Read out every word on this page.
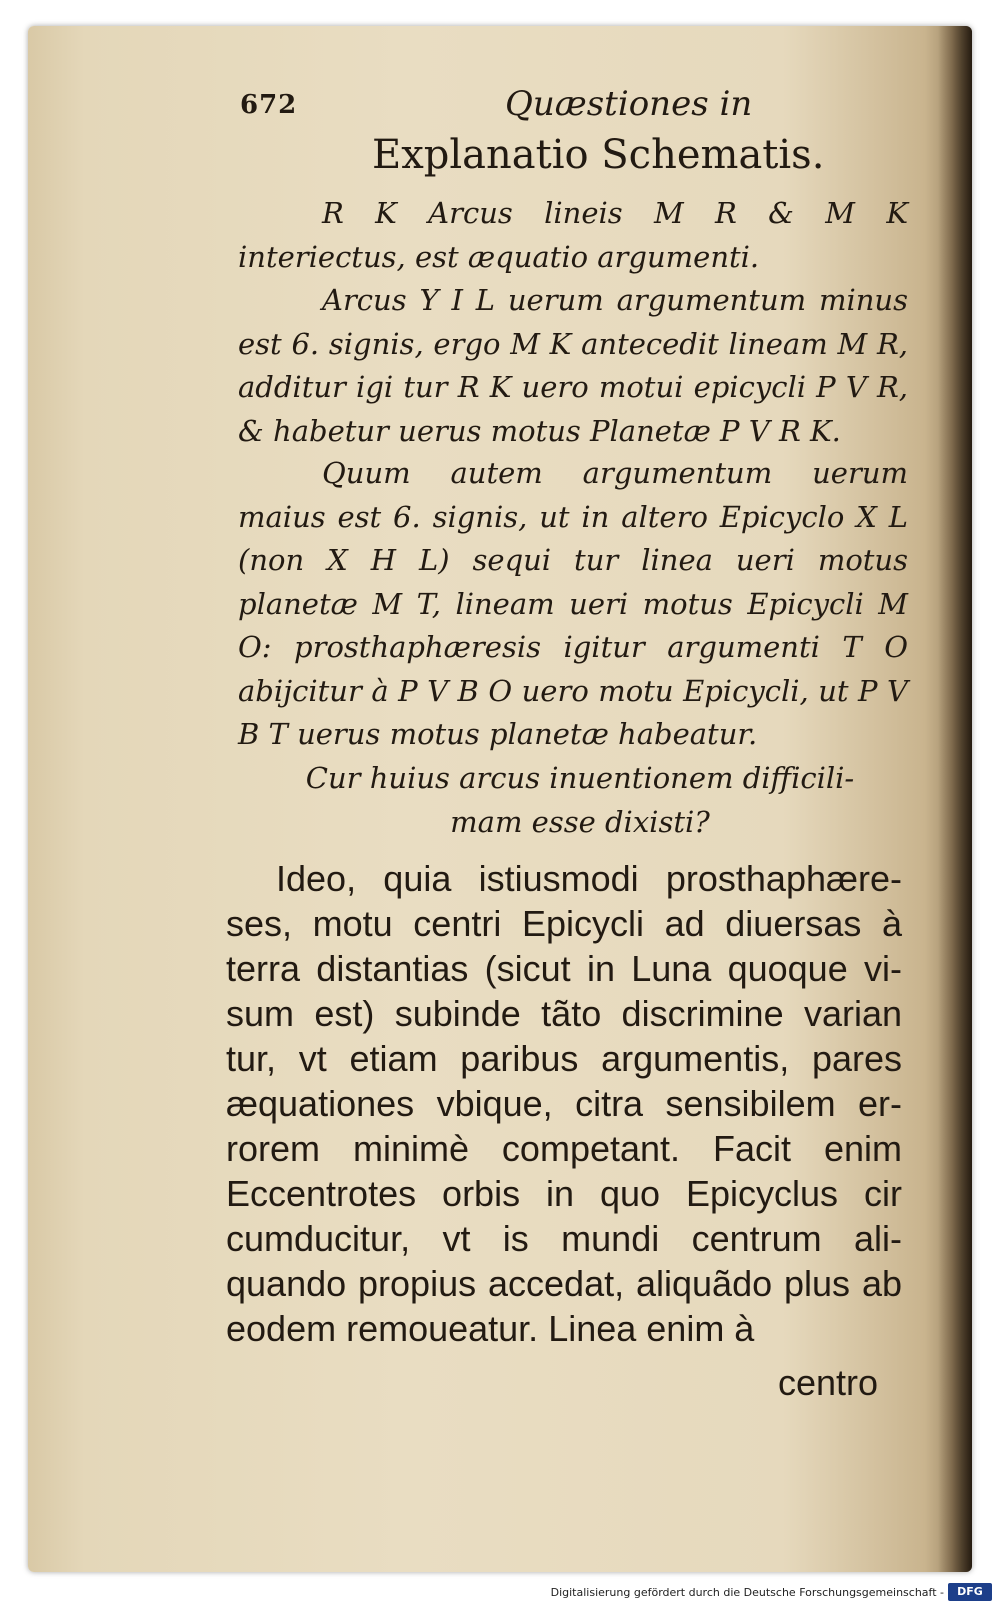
672	Quæstiones in
Explanatio Schematis.
R K Arcus lineis M R & M K interiectus, est æquatio argumenti.
Arcus Y I L uerum argumentum minus est 6. signis, ergo M K antecedit lineam M R, additur igi tur R K uero motui epicycli P V R, & habetur uerus motus Planetæ P V R K.
Quum autem argumentum uerum maius est 6. signis, ut in altero Epicyclo X L (non X H L) sequi tur linea ueri motus planetæ M T, lineam ueri motus Epicycli M O: prosthaphæresis igitur argumenti T O abijcitur à P V B O uero motu Epicycli, ut P V B T uerus motus planetæ habeatur.
Cur huius arcus inuentionem difficili- mam esse dixisti?
Ideo, quia istiusmodi prosthaphære- ses, motu centri Epicycli ad diuersas à terra distantias (sicut in Luna quoque vi- sum est) subinde tãto discrimine varian tur, vt etiam paribus argumentis, pares æquationes vbique, citra sensibilem er- rorem minimè competant. Facit enim Eccentrotes orbis in quo Epicyclus cir cumducitur, vt is mundi centrum ali- quando propius accedat, aliquãdo plus ab eodem remoueatur. Linea enim à
centro
Digitalisierung gefördert durch die Deutsche Forschungsgemeinschaft -	DFG
